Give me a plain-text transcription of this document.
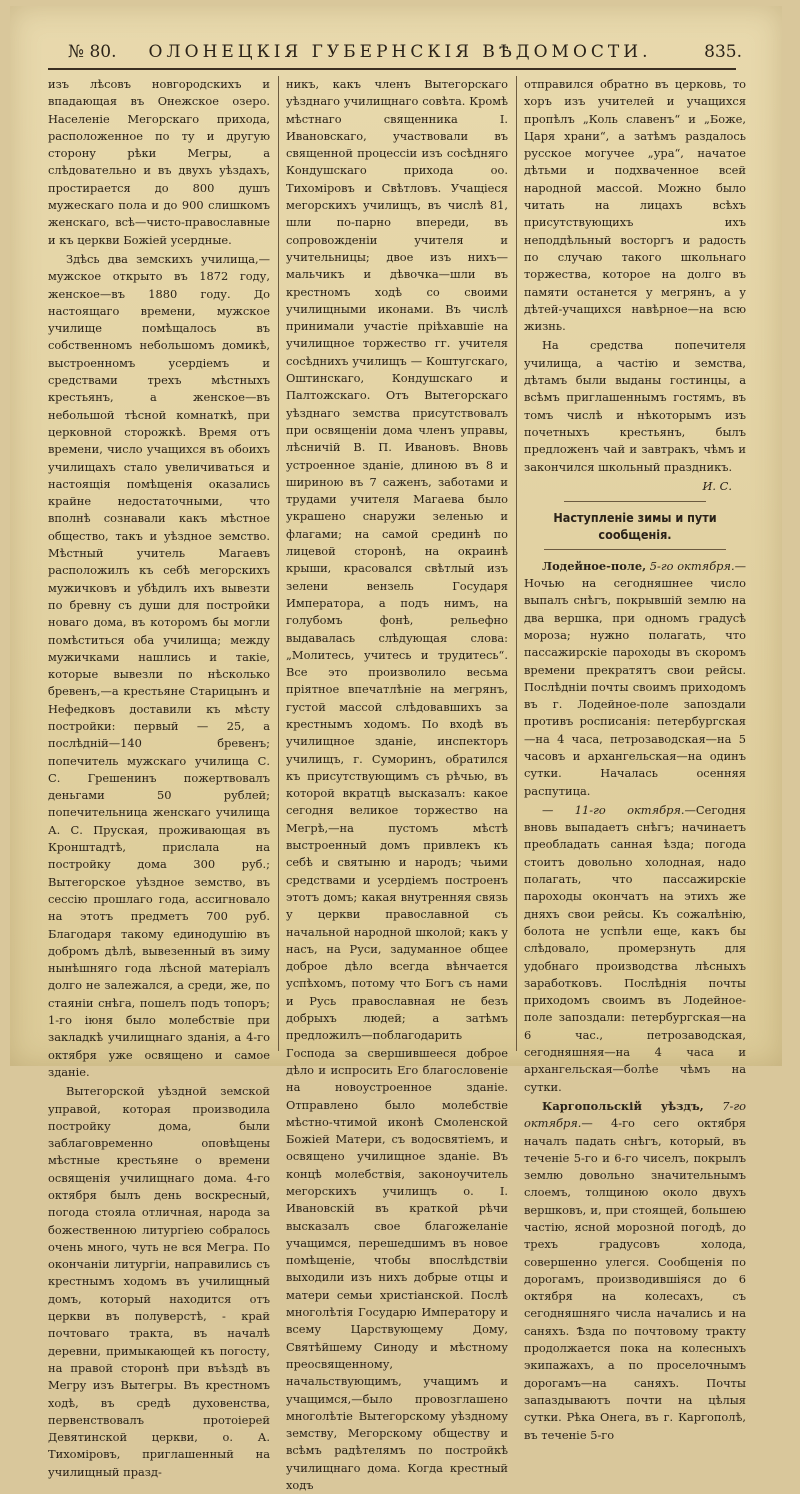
№ 80.	ОЛОНЕЦКІЯ ГУБЕРНСКІЯ ВѢДОМОСТИ.	835.

изъ лѣсовъ новгородскихъ и впадающая въ Онежское озеро. Населеніе Мегорскаго прихода, расположенное по ту и другую сторону рѣки Мегры, а слѣдовательно и въ двухъ уѣздахъ, простирается до 800 душъ мужескаго пола и до 900 слишкомъ женскаго, всѣ—чисто-православные и къ церкви Божіей усердные.

Здѣсь два земскихъ училища,—мужское открыто въ 1872 году, женское—въ 1880 году. До настоящаго времени, мужское училище помѣщалось въ собственномъ небольшомъ домикѣ, выстроенномъ усердіемъ и средствами трехъ мѣстныхъ крестьянъ, а женское—въ небольшой тѣсной комнаткѣ, при церковной сторожкѣ. Время отъ времени, число учащихся въ обоихъ училищахъ стало увеличиваться и настоящія помѣщенія оказались крайне недостаточными, что вполнѣ сознавали какъ мѣстное общество, такъ и уѣздное земство. Мѣстный учитель Магаевъ расположилъ къ себѣ мегорскихъ мужичковъ и убѣдилъ ихъ вывезти по бревну съ души для постройки новаго дома, въ которомъ бы могли помѣститься оба училища; между мужичками нашлись и такіе, которые вывезли по нѣсколько бревенъ,—а крестьяне Старицынъ и Нефедковъ доставили къ мѣсту постройки: первый — 25, а послѣдній—140 бревенъ; попечитель мужскаго училища С. С. Грешенинъ пожертвовалъ деньгами 50 рублей; попечительница женскаго училища А. С. Пруская, проживающая въ Кронштадтѣ, прислала на постройку дома 300 руб.; Вытегорское уѣздное земство, въ сессію прошлаго года, ассигновало на этотъ предметъ 700 руб. Благодаря такому единодушію въ добромъ дѣлѣ, вывезенный въ зиму нынѣшняго года лѣсной матеріалъ долго не залежался, а среди, же, по стаяніи снѣга, пошелъ подъ топоръ; 1-го іюня было молебствіе при закладкѣ училищнаго зданія, а 4-го октября уже освящено и самое зданіе.

Вытегорской уѣздной земской управой, которая производила постройку дома, были заблаговременно оповѣщены мѣстные крестьяне о времени освященія училищнаго дома. 4-го октября былъ день воскресный, погода стояла отличная, народа за божественною литургіею собралось очень много, чуть не вся Мегра. По окончаніи литургіи, направились съ крестнымъ ходомъ въ училищный домъ, который находится отъ церкви въ полуверстѣ, - край почтоваго тракта, въ началѣ деревни, примыкающей къ погосту, на правой сторонѣ при въѣздѣ въ Мегру изъ Вытегры. Въ крестномъ ходѣ, въ средѣ духовенства, первенствовалъ протоіерей Девятинской церкви, о. А. Тихоміровъ, приглашенный на училищный празд-

никъ, какъ членъ Вытегорскаго уѣзднаго училищнаго совѣта. Кромѣ мѣстнаго священника І. Ивановскаго, участвовали въ священной процессіи изъ сосѣдняго Кондушскаго прихода оо. Тихоміровъ и Свѣтловъ. Учащіеся мегорскихъ училищъ, въ числѣ 81, шли по-парно впереди, въ сопровожденіи учителя и учительницы; двое изъ нихъ—мальчикъ и дѣвочка—шли въ крестномъ ходѣ со своими училищными иконами. Въ числѣ принимали участіе пріѣхавшіе на училищное торжество гг. учителя сосѣднихъ училищъ — Коштугскаго, Оштинскаго, Кондушскаго и Палтожскаго. Отъ Вытегорскаго уѣзднаго земства присутствовалъ при освященіи дома членъ управы, лѣсничій В. П. Ивановъ. Вновь устроенное зданіе, длиною въ 8 и шириною въ 7 саженъ, заботами и трудами учителя Магаева было украшено снаружи зеленью и флагами; на самой срединѣ по лицевой сторонѣ, на окраинѣ крыши, красовался свѣтлый изъ зелени вензель Государя Императора, а подъ нимъ, на голубомъ фонѣ, рельефно выдавалась слѣдующая слова: „Молитесь, учитесь и трудитесь“. Все это произволило весьма пріятное впечатлѣніе на мегрянъ, густой массой слѣдовавшихъ за крестнымъ ходомъ. По входѣ въ училищное зданіе, инспекторъ училищъ, г. Суморинъ, обратился къ присутствующимъ съ рѣчью, въ которой вкратцѣ высказалъ: какое сегодня великое торжество на Мегрѣ,—на пустомъ мѣстѣ выстроенный домъ привлекъ къ себѣ и святыню и народъ; чьими средствами и усердіемъ построенъ этотъ домъ; какая внутренняя связь у церкви православной съ начальной народной школой; какъ у насъ, на Руси, задуманное общее доброе дѣло всегда вѣнчается успѣхомъ, потому что Богъ съ нами и Русь православная не безъ добрыхъ людей; а затѣмъ предложилъ—поблагодарить Господа за свершившееся доброе дѣло и испросить Его благословеніе на новоустроенное зданіе. Отправлено было молебствіе мѣстно-чтимой иконѣ Смоленской Божіей Матери, съ водосвятіемъ, и освящено училищное зданіе. Въ концѣ молебствія, законоучитель мегорскихъ училищъ о. І. Ивановскій въ краткой рѣчи высказалъ свое благожеланіе учащимся, перешедшимъ въ новое помѣщеніе, чтобы впослѣдствіи выходили изъ нихъ добрые отцы и матери семьи христіанской. Послѣ многолѣтія Государю Императору и всему Царствующему Дому, Святѣйшему Синоду и мѣстному преосвященному, начальствующимъ, учащимъ и учащимся,—было провозглашено многолѣтіе Вытегорскому уѣздному земству, Мегорскому обществу и всѣмъ радѣтелямъ по постройкѣ училищнаго дома. Когда крестный ходъ

отправился обратно въ церковь, то хоръ изъ учителей и учащихся пропѣлъ „Коль славенъ“ и „Боже, Царя храни“, а затѣмъ раздалось русское могучее „ура“, начатое дѣтьми и подхваченное всей народной массой. Можно было читать на лицахъ всѣхъ присутствующихъ ихъ неподдѣльный восторгъ и радость по случаю такого школьнаго торжества, которое на долго въ памяти останется у мегрянъ, а у дѣтей-учащихся навѣрное—на всю жизнь.

На средства попечителя училища, а частію и земства, дѣтамъ были выданы гостинцы, а всѣмъ приглашеннымъ гостямъ, въ томъ числѣ и нѣкоторымъ изъ почетныхъ крестьянъ, былъ предложенъ чай и завтракъ, чѣмъ и закончился школьный праздникъ.

И. С.
Наступленіе зимы и пути сообщенія.

Лодейное-поле, 5-го октября.— Ночью на сегодняшнее число выпалъ снѣгъ, покрывшій землю на два вершка, при одномъ градусѣ мороза; нужно полагать, что пассажирскіе пароходы въ скоромъ времени прекратятъ свои рейсы. Послѣдніи почты своимъ приходомъ въ г. Лодейное-поле запоздали противъ росписанія: петербургская—на 4 часа, петрозаводская—на 5 часовъ и архангельская—на одинъ сутки. Началась осенняя распутица.

— 11-го октября.—Сегодня вновь выпадаетъ снѣгъ; начинаетъ преобладать санная ѣзда; погода стоитъ довольно холодная, надо полагать, что пассажирскіе пароходы окончатъ на этихъ же дняхъ свои рейсы. Къ сожалѣнію, болота не успѣли еще, какъ бы слѣдовало, промерзнуть для удобнаго производства лѣсныхъ заработковъ. Послѣднія почты приходомъ своимъ въ Лодейное-поле запоздали: петербургская—на 6 час., петрозаводская, сегодняшняя—на 4 часа и архангельская—болѣе чѣмъ на сутки.

Каргопольскій уѣздъ, 7-го октября.— 4-го сего октября началъ падать снѣгъ, который, въ теченіе 5-го и 6-го чиселъ, покрылъ землю довольно значительнымъ слоемъ, толщиною около двухъ вершковъ, и, при стоящей, большею частію, ясной морозной погодѣ, до трехъ градусовъ холода, совершенно улегся. Сообщенія по дорогамъ, производившіяся до 6 октября на колесахъ, съ сегодняшняго числа начались и на саняхъ. Ѣзда по почтовому тракту продолжается пока на колесныхъ экипажахъ, а по проселочнымъ дорогамъ—на саняхъ. Почты запаздываютъ почти на цѣлыя сутки. Рѣка Онега, въ г. Каргополѣ, въ теченіе 5-го
